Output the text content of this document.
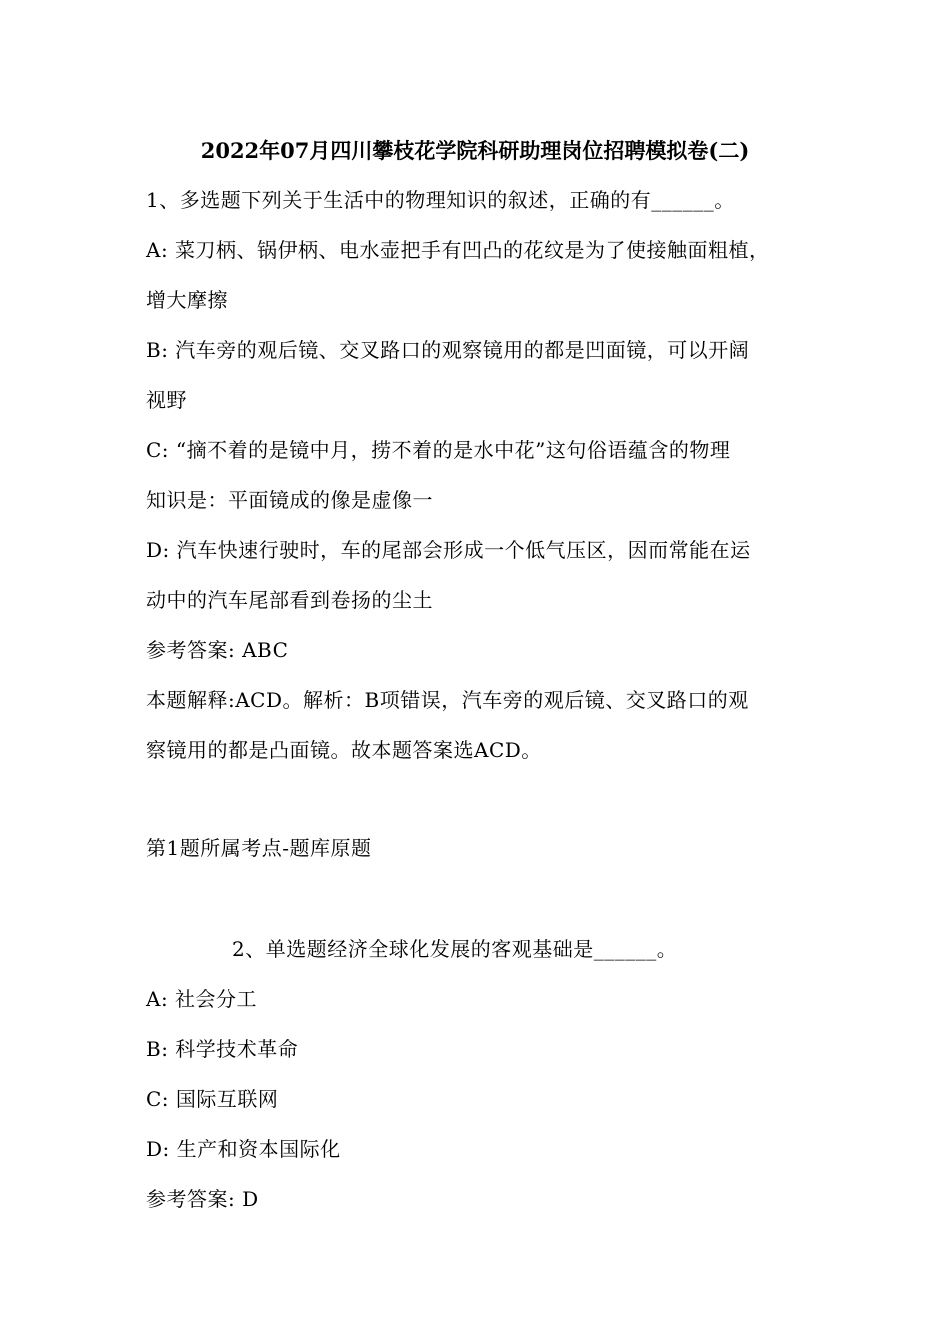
2022年07月四川攀枝花学院科研助理岗位招聘模拟卷(二)
1、多选题下列关于生活中的物理知识的叙述，正确的有______。
A: 菜刀柄、锅伊柄、电水壶把手有凹凸的花纹是为了使接触面粗植，
增大摩擦
B: 汽车旁的观后镜、交叉路口的观察镜用的都是凹面镜，可以开阔
视野
C: “摘不着的是镜中月，捞不着的是水中花”这句俗语蕴含的物理
知识是：平面镜成的像是虚像一
D: 汽车快速行驶时，车的尾部会形成一个低气压区，因而常能在运
动中的汽车尾部看到卷扬的尘土
参考答案: ABC
本题解释:ACD。解析：B项错误，汽车旁的观后镜、交叉路口的观
察镜用的都是凸面镜。故本题答案选ACD。
第1题所属考点-题库原题
2、单选题经济全球化发展的客观基础是______。
A: 社会分工
B: 科学技术革命
C: 国际互联网
D: 生产和资本国际化
参考答案: D
